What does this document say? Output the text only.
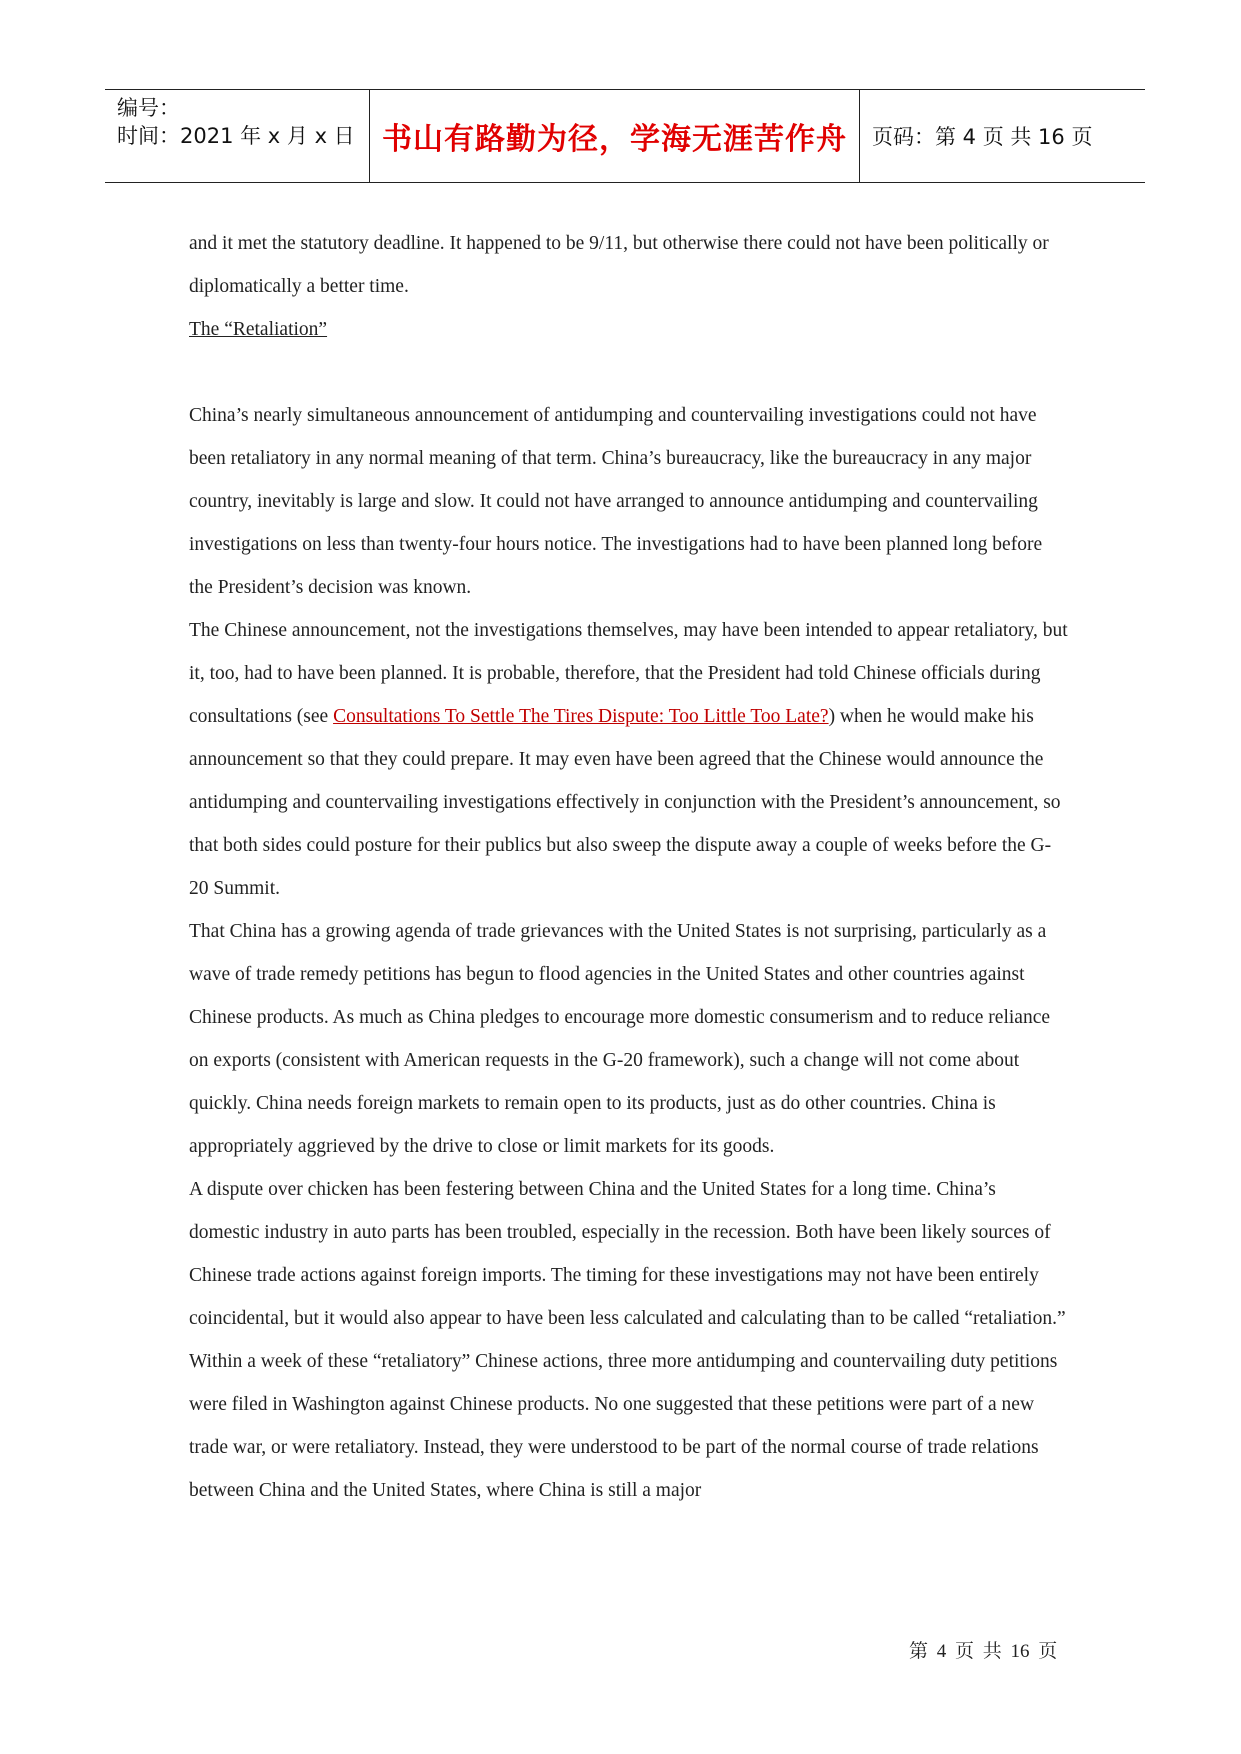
编号：
时间：2021 年 x 月 x 日 书山有路勤为径，学海无涯苦作舟 页码：第 4 页 共 16 页

and it met the statutory deadline. It happened to be 9/11, but otherwise there could not have been politically or diplomatically a better time.

The “Retaliation”

China’s nearly simultaneous announcement of antidumping and countervailing investigations could not have been retaliatory in any normal meaning of that term. China’s bureaucracy, like the bureaucracy in any major country, inevitably is large and slow. It could not have arranged to announce antidumping and countervailing investigations on less than twenty-four hours notice. The investigations had to have been planned long before the President’s decision was known.

The Chinese announcement, not the investigations themselves, may have been intended to appear retaliatory, but it, too, had to have been planned. It is probable, therefore, that the President had told Chinese officials during consultations (see Consultations To Settle The Tires Dispute: Too Little Too Late?) when he would make his announcement so that they could prepare. It may even have been agreed that the Chinese would announce the antidumping and countervailing investigations effectively in conjunction with the President’s announcement, so that both sides could posture for their publics but also sweep the dispute away a couple of weeks before the G-20 Summit.

That China has a growing agenda of trade grievances with the United States is not surprising, particularly as a wave of trade remedy petitions has begun to flood agencies in the United States and other countries against Chinese products. As much as China pledges to encourage more domestic consumerism and to reduce reliance on exports (consistent with American requests in the G-20 framework), such a change will not come about quickly. China needs foreign markets to remain open to its products, just as do other countries. China is appropriately aggrieved by the drive to close or limit markets for its goods.

A dispute over chicken has been festering between China and the United States for a long time. China’s domestic industry in auto parts has been troubled, especially in the recession. Both have been likely sources of Chinese trade actions against foreign imports. The timing for these investigations may not have been entirely coincidental, but it would also appear to have been less calculated and calculating than to be called “retaliation.”

Within a week of these “retaliatory” Chinese actions, three more antidumping and countervailing duty petitions were filed in Washington against Chinese products. No one suggested that these petitions were part of a new trade war, or were retaliatory. Instead, they were understood to be part of the normal course of trade relations between China and the United States, where China is still a major

第 4 页 共 16 页
